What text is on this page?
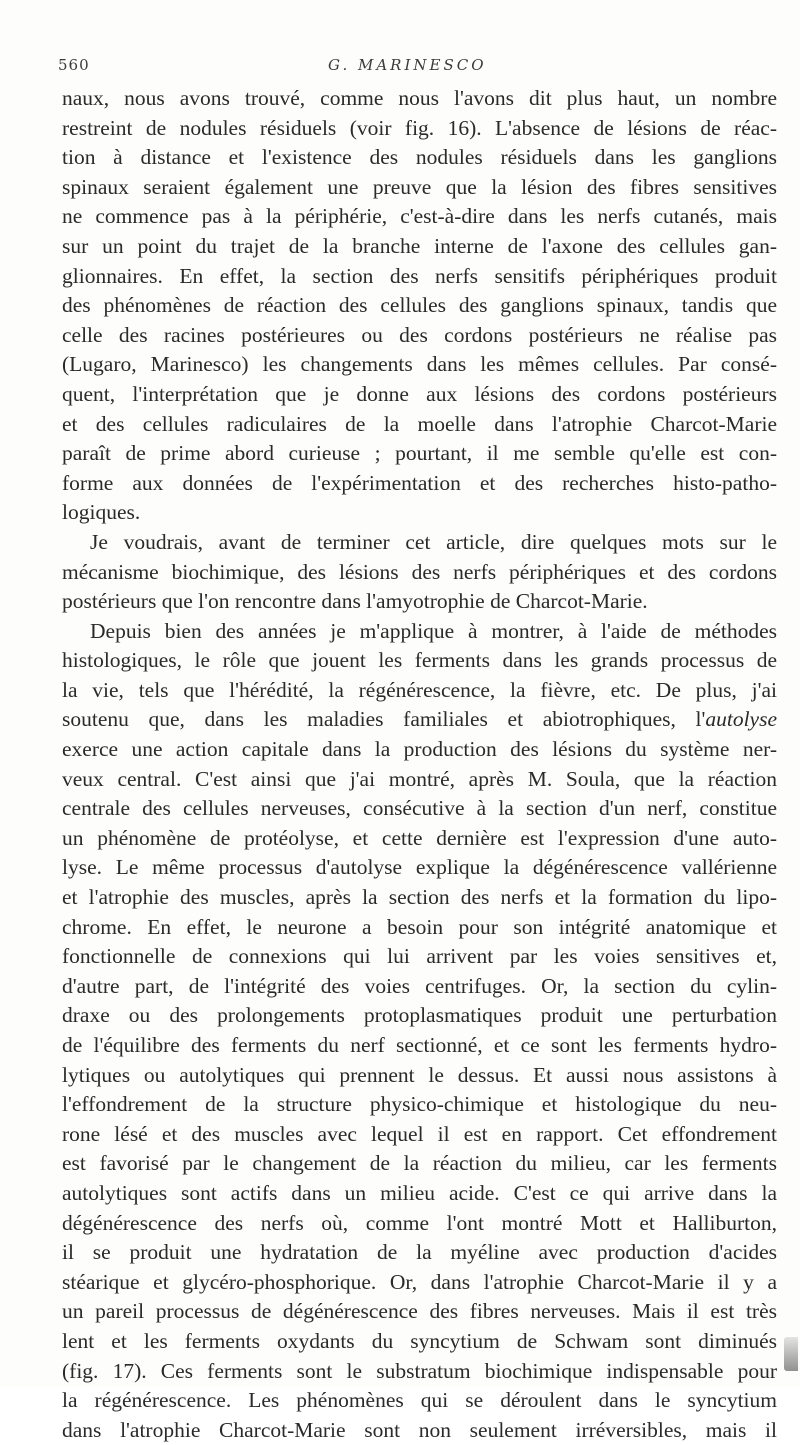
560	G. MARINESCO
naux, nous avons trouvé, comme nous l'avons dit plus haut, un nombre
restreint de nodules résiduels (voir fig. 16). L'absence de lésions de réac-
tion à distance et l'existence des nodules résiduels dans les ganglions
spinaux seraient également une preuve que la lésion des fibres sensitives
ne commence pas à la périphérie, c'est-à-dire dans les nerfs cutanés, mais
sur un point du trajet de la branche interne de l'axone des cellules gan-
glionnaires. En effet, la section des nerfs sensitifs périphériques produit
des phénomènes de réaction des cellules des ganglions spinaux, tandis que
celle des racines postérieures ou des cordons postérieurs ne réalise pas
(Lugaro, Marinesco) les changements dans les mêmes cellules. Par consé-
quent, l'interprétation que je donne aux lésions des cordons postérieurs
et des cellules radiculaires de la moelle dans l'atrophie Charcot-Marie
paraît de prime abord curieuse ; pourtant, il me semble qu'elle est con-
forme aux données de l'expérimentation et des recherches histo-patho-
logiques.
Je voudrais, avant de terminer cet article, dire quelques mots sur le
mécanisme biochimique, des lésions des nerfs périphériques et des cordons
postérieurs que l'on rencontre dans l'amyotrophie de Charcot-Marie.
Depuis bien des années je m'applique à montrer, à l'aide de méthodes
histologiques, le rôle que jouent les ferments dans les grands processus de
la vie, tels que l'hérédité, la régénérescence, la fièvre, etc. De plus, j'ai
soutenu que, dans les maladies familiales et abiotrophiques, l'autolyse
exerce une action capitale dans la production des lésions du système ner-
veux central. C'est ainsi que j'ai montré, après M. Soula, que la réaction
centrale des cellules nerveuses, consécutive à la section d'un nerf, constitue
un phénomène de protéolyse, et cette dernière est l'expression d'une auto-
lyse. Le même processus d'autolyse explique la dégénérescence vallérienne
et l'atrophie des muscles, après la section des nerfs et la formation du lipo-
chrome. En effet, le neurone a besoin pour son intégrité anatomique et
fonctionnelle de connexions qui lui arrivent par les voies sensitives et,
d'autre part, de l'intégrité des voies centrifuges. Or, la section du cylin-
draxe ou des prolongements protoplasmatiques produit une perturbation
de l'équilibre des ferments du nerf sectionné, et ce sont les ferments hydro-
lytiques ou autolytiques qui prennent le dessus. Et aussi nous assistons à
l'effondrement de la structure physico-chimique et histologique du neu-
rone lésé et des muscles avec lequel il est en rapport. Cet effondrement
est favorisé par le changement de la réaction du milieu, car les ferments
autolytiques sont actifs dans un milieu acide. C'est ce qui arrive dans la
dégénérescence des nerfs où, comme l'ont montré Mott et Halliburton,
il se produit une hydratation de la myéline avec production d'acides
stéarique et glycéro-phosphorique. Or, dans l'atrophie Charcot-Marie il y a
un pareil processus de dégénérescence des fibres nerveuses. Mais il est très
lent et les ferments oxydants du syncytium de Schwam sont diminués
(fig. 17). Ces ferments sont le substratum biochimique indispensable pour
la régénérescence. Les phénomènes qui se déroulent dans le syncytium
dans l'atrophie Charcot-Marie sont non seulement irréversibles, mais il
